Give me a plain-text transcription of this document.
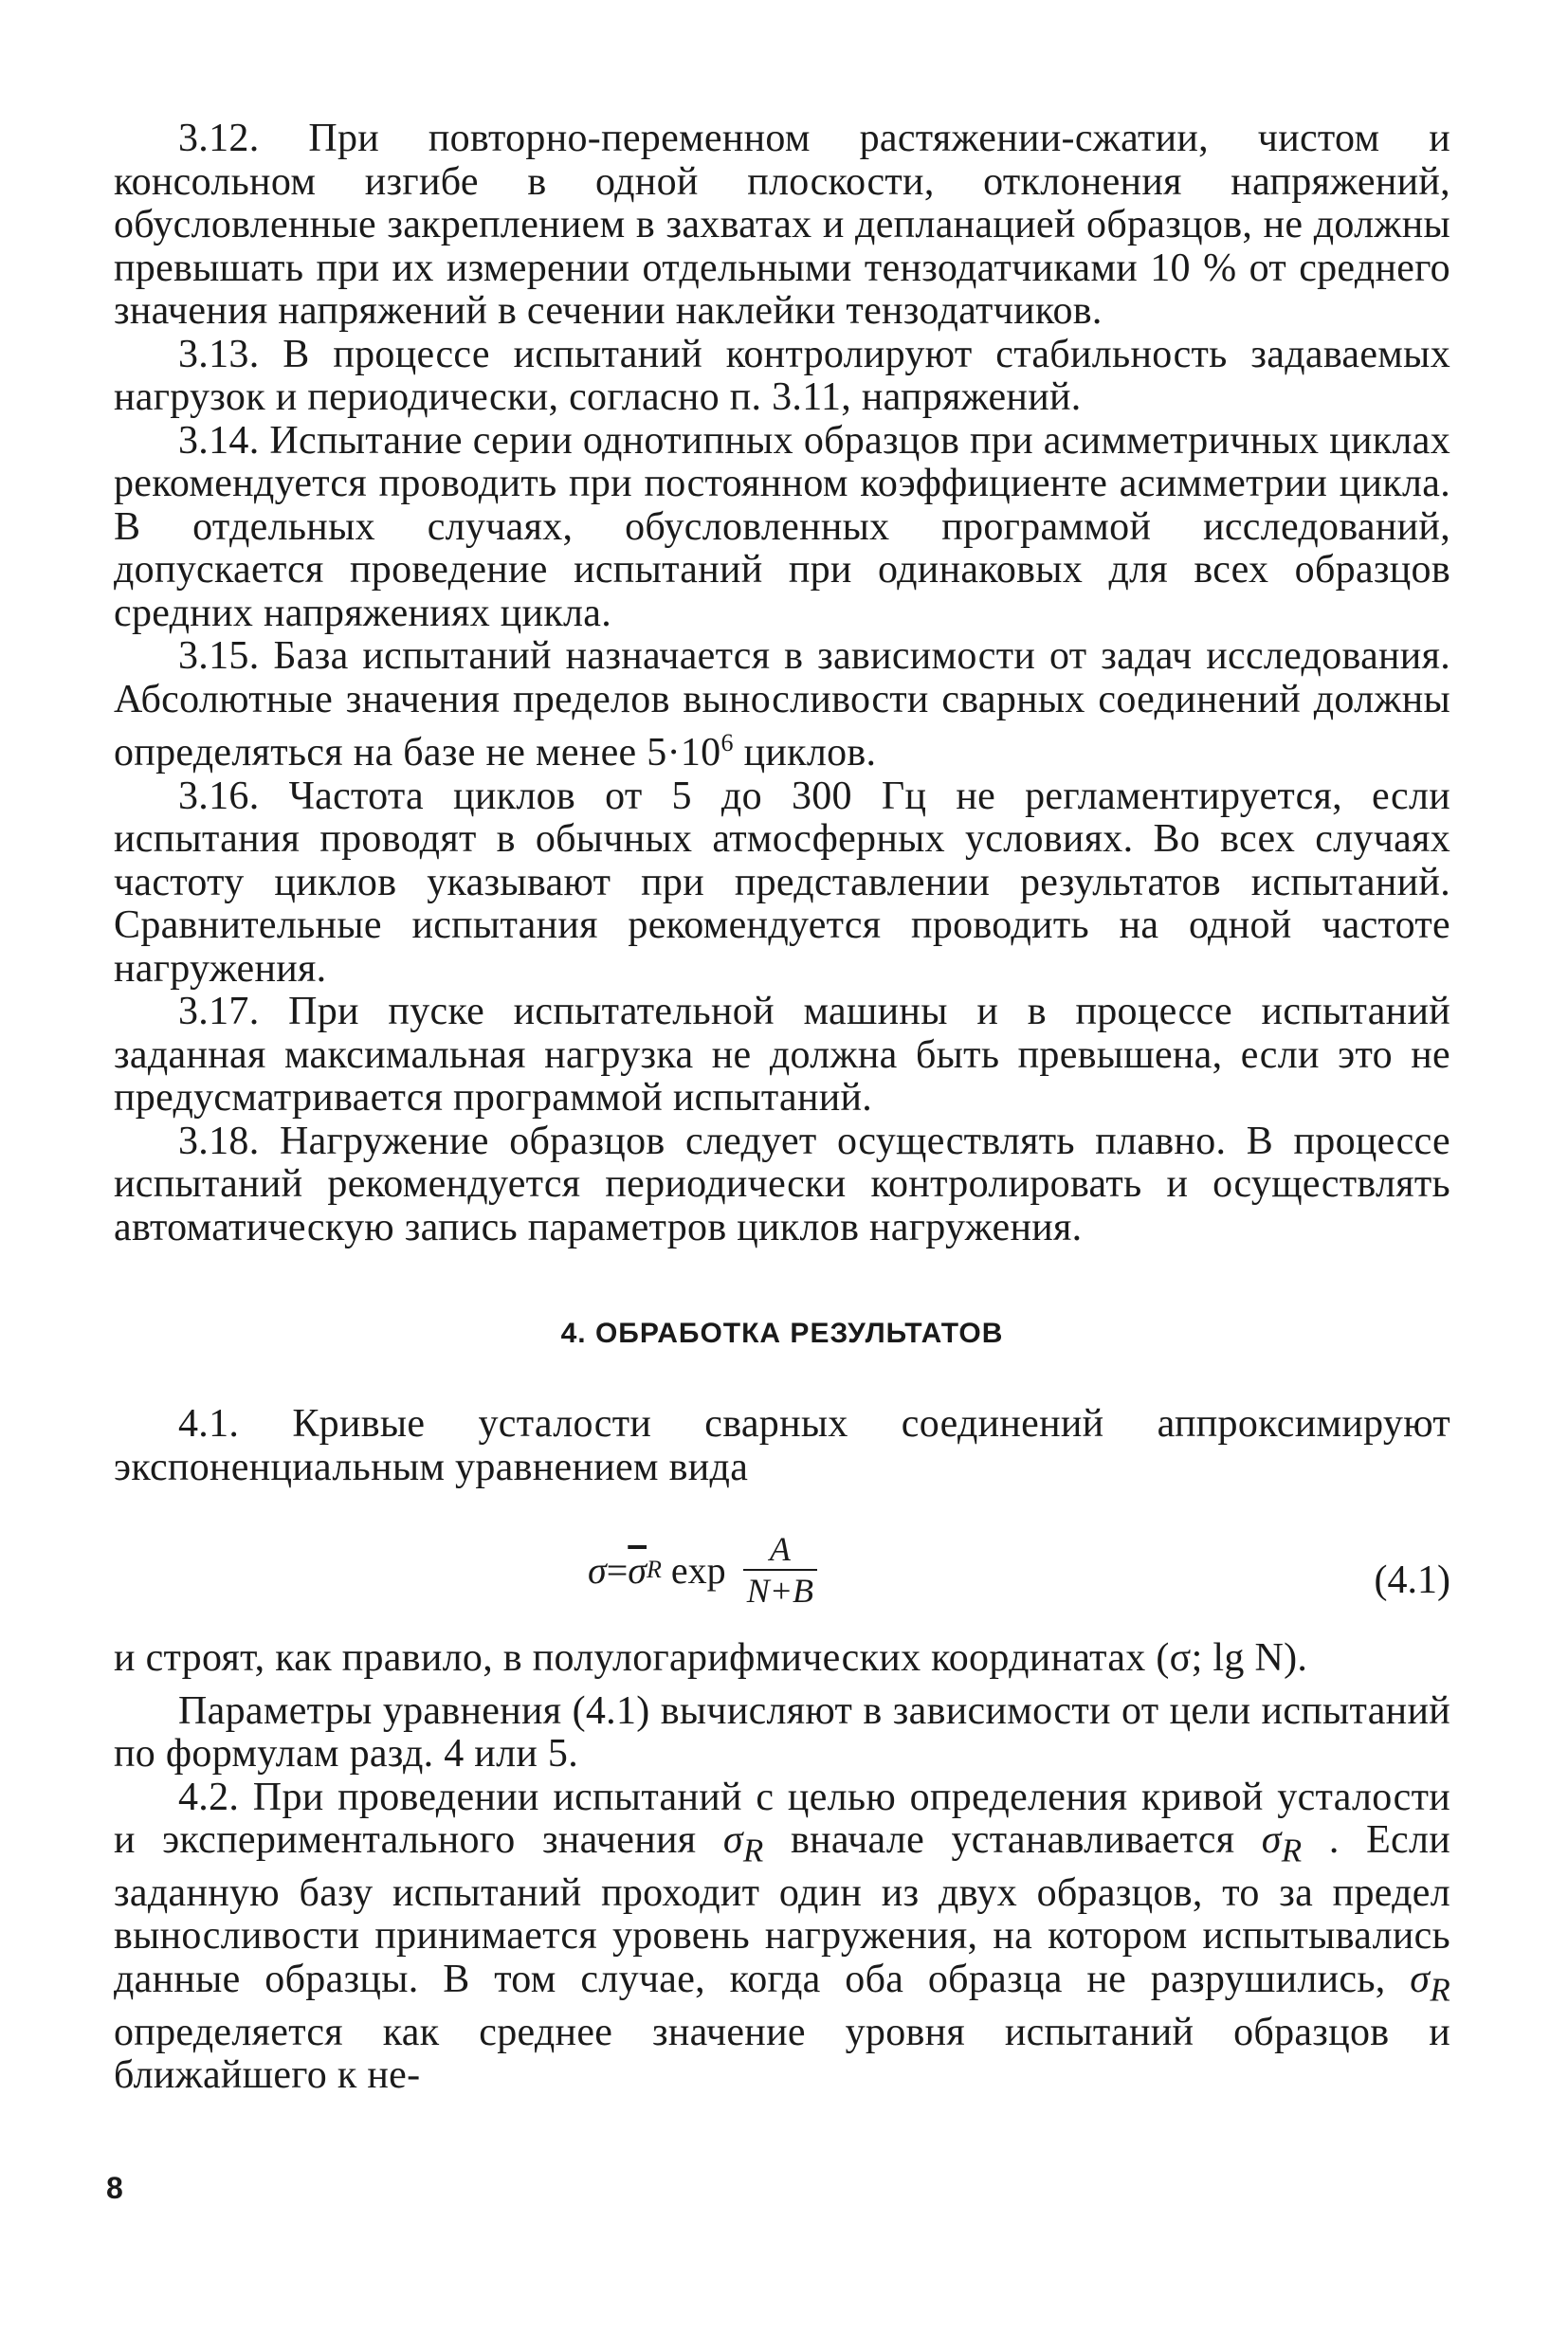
3.12. При повторно-переменном растяжении-сжатии, чистом и консольном изгибе в одной плоскости, отклонения напряжений, обусловленные закреплением в захватах и депланацией образцов, не должны превышать при их измерении отдельными тензодатчиками 10 % от среднего значения напряжений в сечении наклейки тензодатчиков.

3.13. В процессе испытаний контролируют стабильность задаваемых нагрузок и периодически, согласно п. 3.11, напряжений.

3.14. Испытание серии однотипных образцов при асимметричных циклах рекомендуется проводить при постоянном коэффициенте асимметрии цикла. В отдельных случаях, обусловленных программой исследований, допускается проведение испытаний при одинаковых для всех образцов средних напряжениях цикла.

3.15. База испытаний назначается в зависимости от задач исследования. Абсолютные значения пределов выносливости сварных соединений должны определяться на базе не менее $5\cdot 10^6$ циклов.

3.16. Частота циклов от 5 до 300 Гц не регламентируется, если испытания проводят в обычных атмосферных условиях. Во всех случаях частоту циклов указывают при представлении результатов испытаний. Сравнительные испытания рекомендуется проводить на одной частоте нагружения.

3.17. При пуске испытательной машины и в процессе испытаний заданная максимальная нагрузка не должна быть превышена, если это не предусматривается программой испытаний.

3.18. Нагружение образцов следует осуществлять плавно. В процессе испытаний рекомендуется периодически контролировать и осуществлять автоматическую запись параметров циклов нагружения.

4. ОБРАБОТКА РЕЗУЛЬТАТОВ

4.1. Кривые усталости сварных соединений аппроксимируют экспоненциальным уравнением вида

$\sigma = \overline{\sigma}$ R $\exp \frac{A}{N+B}$	(4.1)

и строят, как правило, в полулогарифмических координатах (σ; lg N).

Параметры уравнения (4.1) вычисляют в зависимости от цели испытаний по формулам разд. 4 или 5.

4.2. При проведении испытаний с целью определения кривой усталости и экспериментального значения $\sigma_R$ вначале устанавливается $\sigma_R$ . Если заданную базу испытаний проходит один из двух образцов, то за предел выносливости принимается уровень нагружения, на котором испытывались данные образцы. В том случае, когда оба образца не разрушились, $\sigma_R$ определяется как среднее значение уровня испытаний образцов и ближайшего к не-

8
